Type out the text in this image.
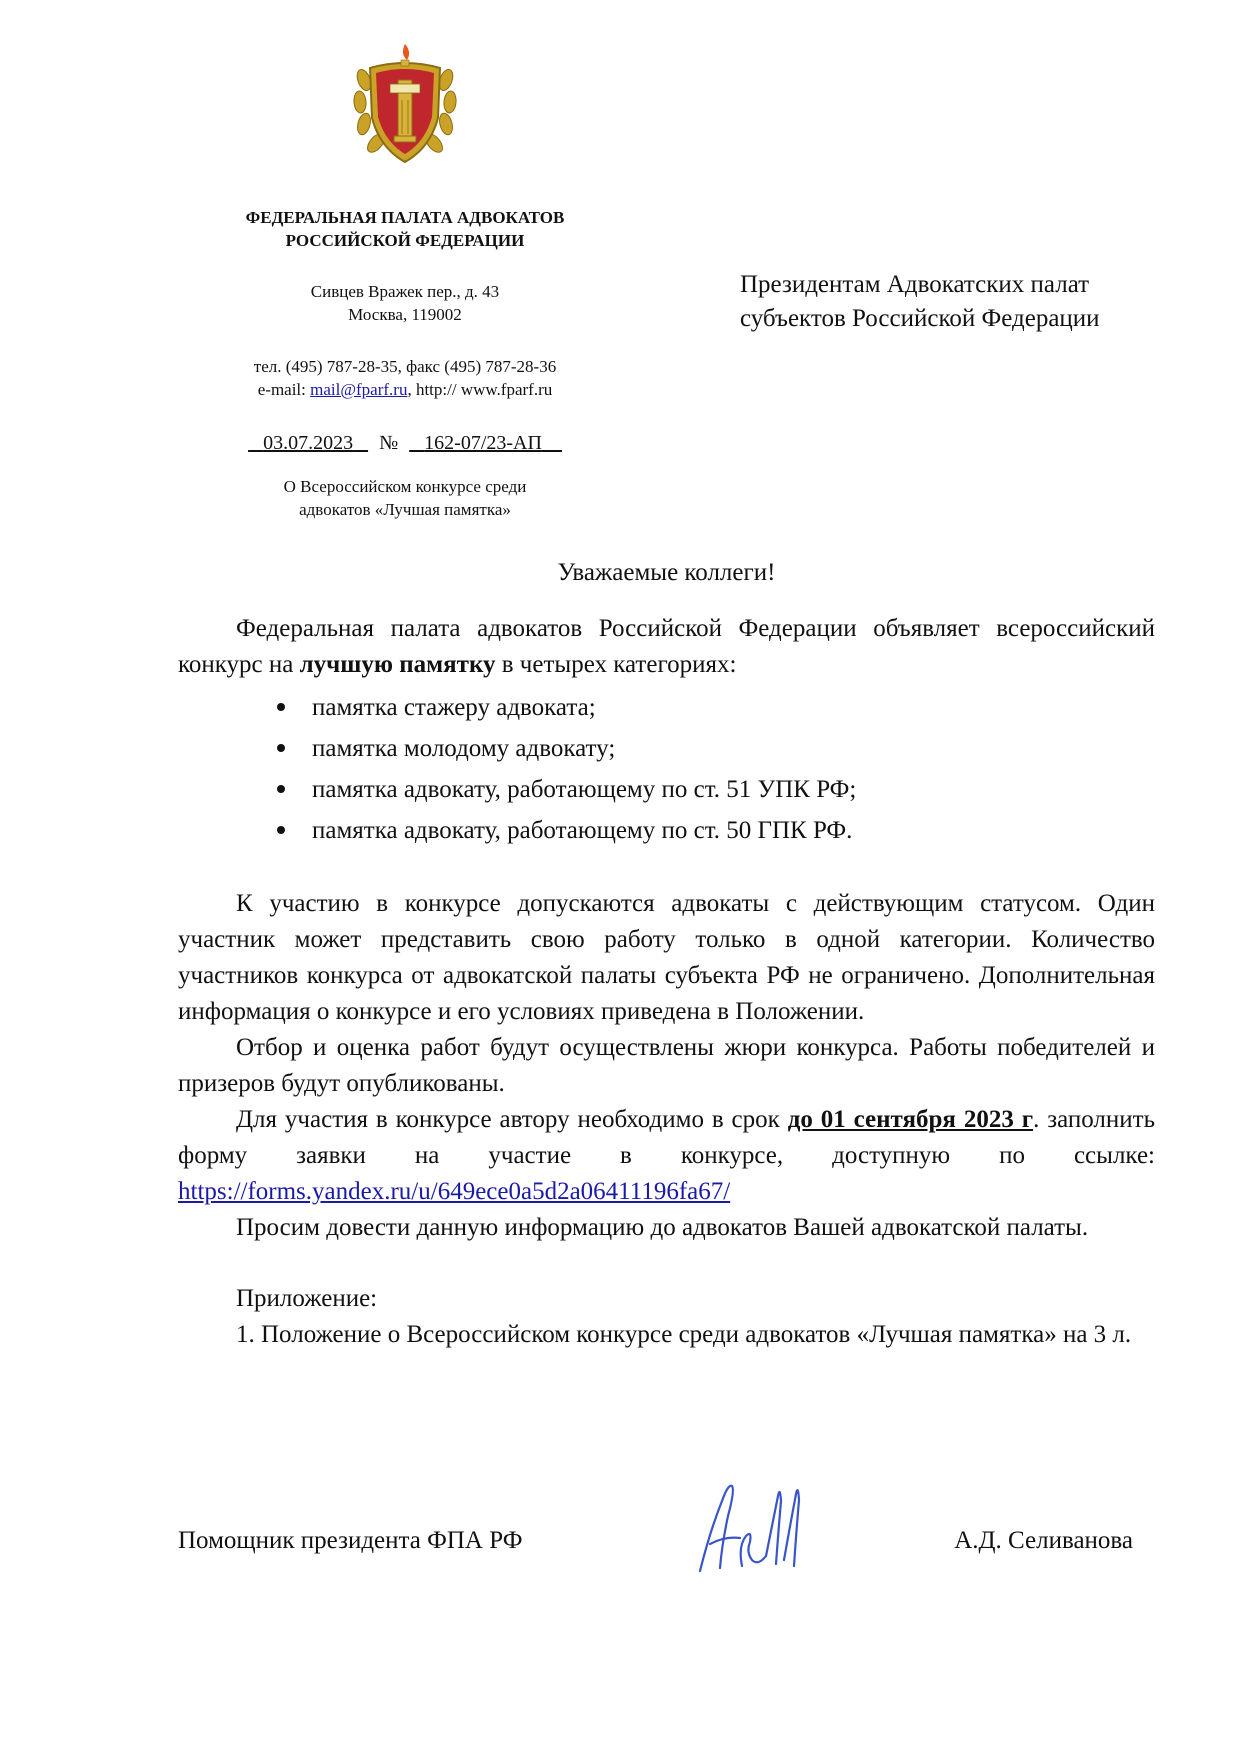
ФЕДЕРАЛЬНАЯ ПАЛАТА АДВОКАТОВ
РОССИЙСКОЙ ФЕДЕРАЦИИ
Сивцев Вражек пер., д. 43
Москва, 119002
тел. (495) 787-28-35, факс (495) 787-28-36
e-mail: mail@fparf.ru, http:// www.fparf.ru
03.07.2023 № 162-07/23-АП
О Всероссийском конкурсе среди
адвокатов «Лучшая памятка»
Президентам Адвокатских палат
субъектов Российской Федерации

Уважаемые коллеги!

Федеральная палата адвокатов Российской Федерации объявляет всероссийский конкурс на лучшую памятку в четырех категориях:

памятка стажеру адвоката;
памятка молодому адвокату;
памятка адвокату, работающему по ст. 51 УПК РФ;
памятка адвокату, работающему по ст. 50 ГПК РФ.

К участию в конкурсе допускаются адвокаты с действующим статусом. Один участник может представить свою работу только в одной категории. Количество участников конкурса от адвокатской палаты субъекта РФ не ограничено. Дополнительная информация о конкурсе и его условиях приведена в Положении.

Отбор и оценка работ будут осуществлены жюри конкурса. Работы победителей и призеров будут опубликованы.

Для участия в конкурсе автору необходимо в срок до 01 сентября 2023 г. заполнить форму заявки на участие в конкурсе, доступную по ссылке: https://forms.yandex.ru/u/649ece0a5d2a06411196fa67/

Просим довести данную информацию до адвокатов Вашей адвокатской палаты.

Приложение:

1. Положение о Всероссийском конкурсе среди адвокатов «Лучшая памятка» на 3 л.

Помощник президента ФПА РФ	А.Д. Селиванова
